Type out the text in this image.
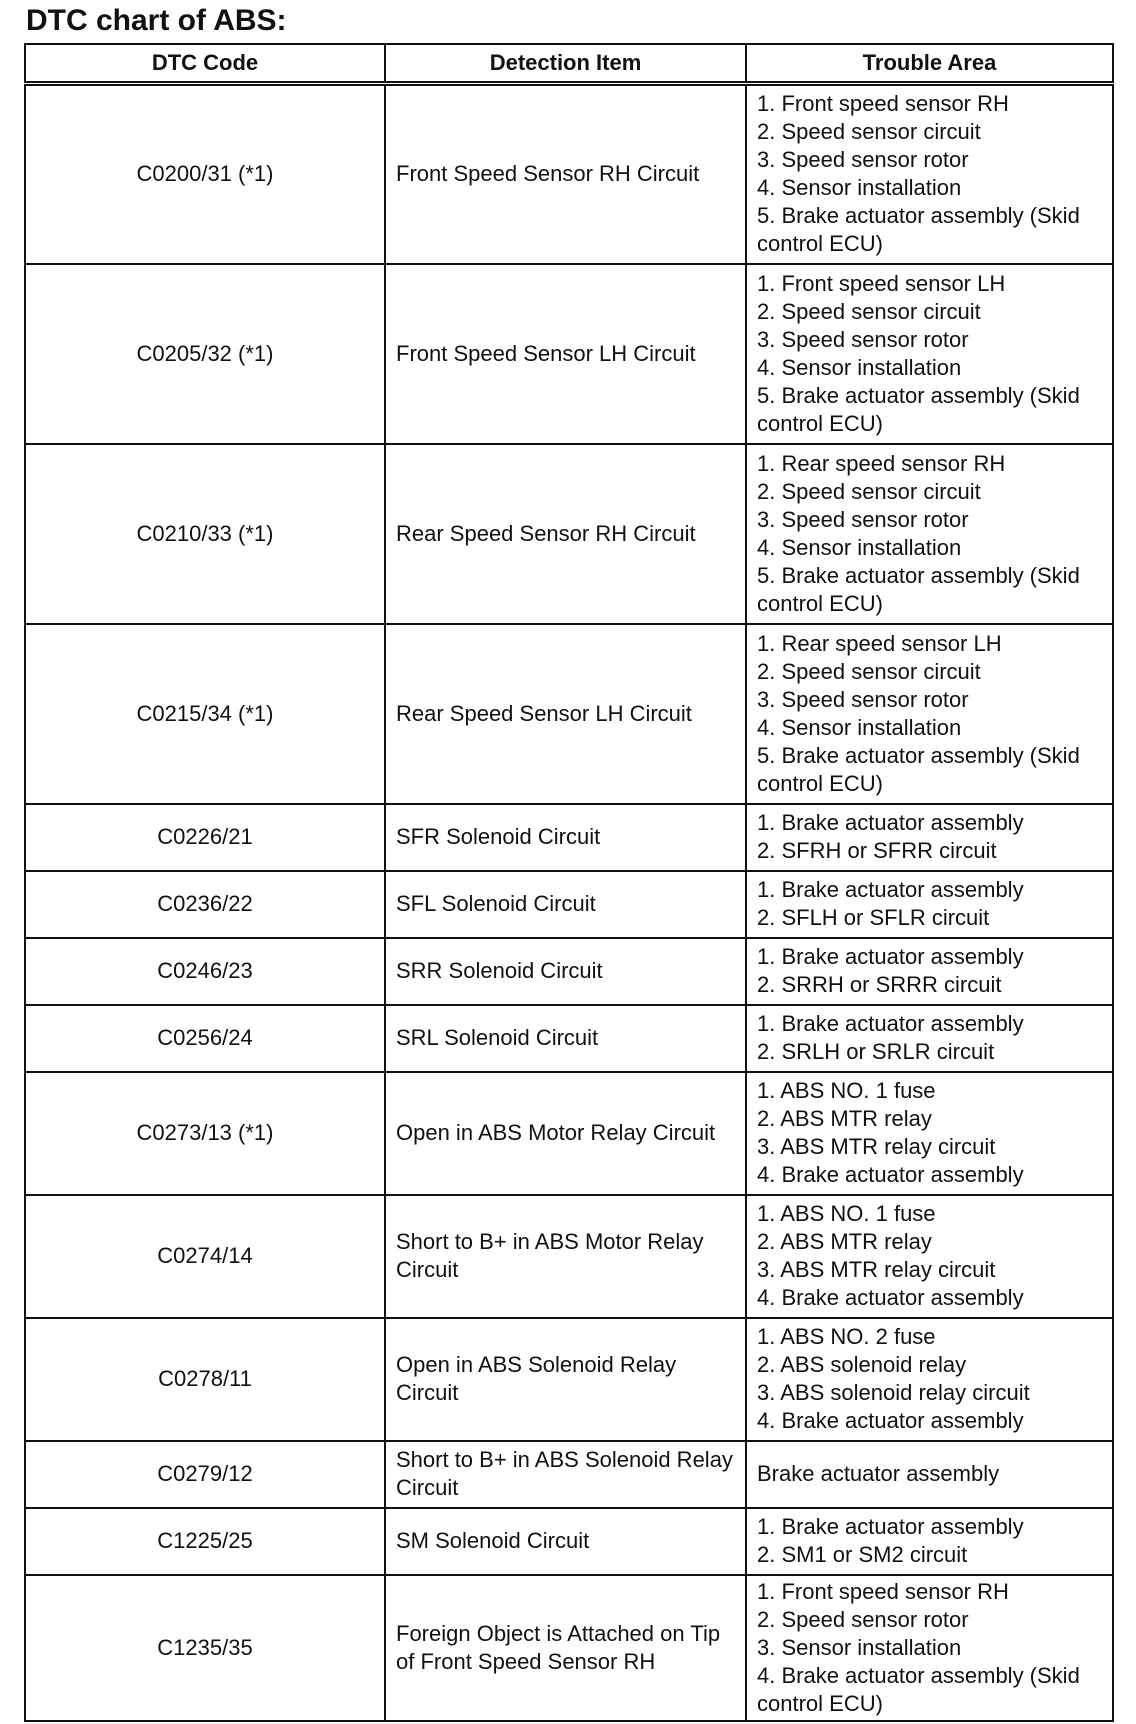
DTC chart of ABS:
DTC Code	Detection Item	Trouble Area
C0200/31 (*1)	Front Speed Sensor RH Circuit	1. Front speed sensor RH
2. Speed sensor circuit
3. Speed sensor rotor
4. Sensor installation
5. Brake actuator assembly (Skid control ECU)

C0205/32 (*1)	Front Speed Sensor LH Circuit	1. Front speed sensor LH
2. Speed sensor circuit
3. Speed sensor rotor
4. Sensor installation
5. Brake actuator assembly (Skid control ECU)

C0210/33 (*1)	Rear Speed Sensor RH Circuit	1. Rear speed sensor RH
2. Speed sensor circuit
3. Speed sensor rotor
4. Sensor installation
5. Brake actuator assembly (Skid control ECU)

C0215/34 (*1)	Rear Speed Sensor LH Circuit	1. Rear speed sensor LH
2. Speed sensor circuit
3. Speed sensor rotor
4. Sensor installation
5. Brake actuator assembly (Skid control ECU)

C0226/21	SFR Solenoid Circuit	1. Brake actuator assembly
2. SFRH or SFRR circuit

C0236/22	SFL Solenoid Circuit	1. Brake actuator assembly
2. SFLH or SFLR circuit

C0246/23	SRR Solenoid Circuit	1. Brake actuator assembly
2. SRRH or SRRR circuit

C0256/24	SRL Solenoid Circuit	1. Brake actuator assembly
2. SRLH or SRLR circuit

C0273/13 (*1)	Open in ABS Motor Relay Circuit	1. ABS NO. 1 fuse
2. ABS MTR relay
3. ABS MTR relay circuit
4. Brake actuator assembly

C0274/14	Short to B+ in ABS Motor Relay Circuit	1. ABS NO. 1 fuse
2. ABS MTR relay
3. ABS MTR relay circuit
4. Brake actuator assembly

C0278/11	Open in ABS Solenoid Relay Circuit	1. ABS NO. 2 fuse
2. ABS solenoid relay
3. ABS solenoid relay circuit
4. Brake actuator assembly

C0279/12	Short to B+ in ABS Solenoid Relay Circuit	Brake actuator assembly

C1225/25	SM Solenoid Circuit	1. Brake actuator assembly
2. SM1 or SM2 circuit

C1235/35	Foreign Object is Attached on Tip of Front Speed Sensor RH	1. Front speed sensor RH
2. Speed sensor rotor
3. Sensor installation
4. Brake actuator assembly (Skid control ECU)
